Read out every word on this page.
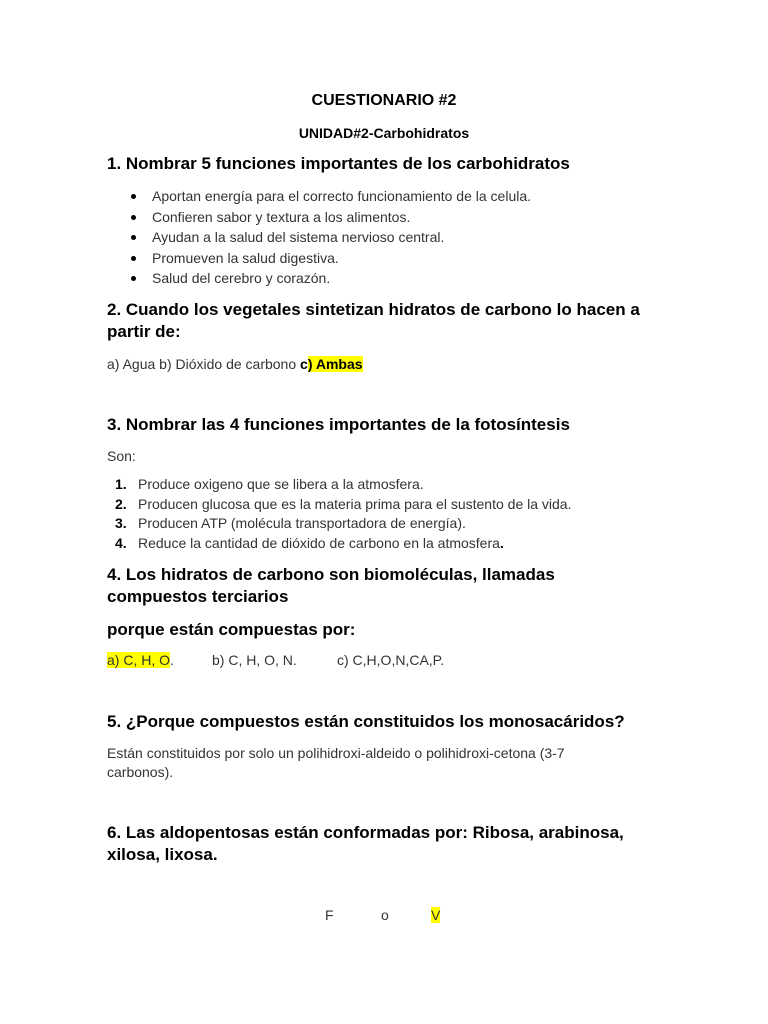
CUESTIONARIO #2
UNIDAD#2-Carbohidratos
1. Nombrar 5 funciones importantes de los carbohidratos
Aportan energía para el correcto funcionamiento de la celula.
Confieren sabor y textura a los alimentos.
Ayudan a la salud del sistema nervioso central.
Promueven la salud digestiva.
Salud del cerebro y corazón.
2. Cuando los vegetales sintetizan hidratos de carbono lo hacen a
partir de:
a) Agua b) Dióxido de carbono c) Ambas
3. Nombrar las 4 funciones importantes de la fotosíntesis
Son:
1. Produce oxigeno que se libera a la atmosfera.
2. Producen glucosa que es la materia prima para el sustento de la vida.
3. Producen ATP (molécula transportadora de energía).
4. Reduce la cantidad de dióxido de carbono en la atmosfera .
4. Los hidratos de carbono son biomoléculas, llamadas
compuestos terciarios
porque están compuestas por:
a) C, H, O.	b) C, H, O, N.	c) C,H,O,N,CA,P.
5. ¿Porque compuestos están constituidos los monosacáridos?
Están constituidos por solo un polihidroxi-aldeido o polihidroxi-cetona (3-7
carbonos).
6. Las aldopentosas están conformadas por: Ribosa, arabinosa,
xilosa, lixosa.
F	o	V
